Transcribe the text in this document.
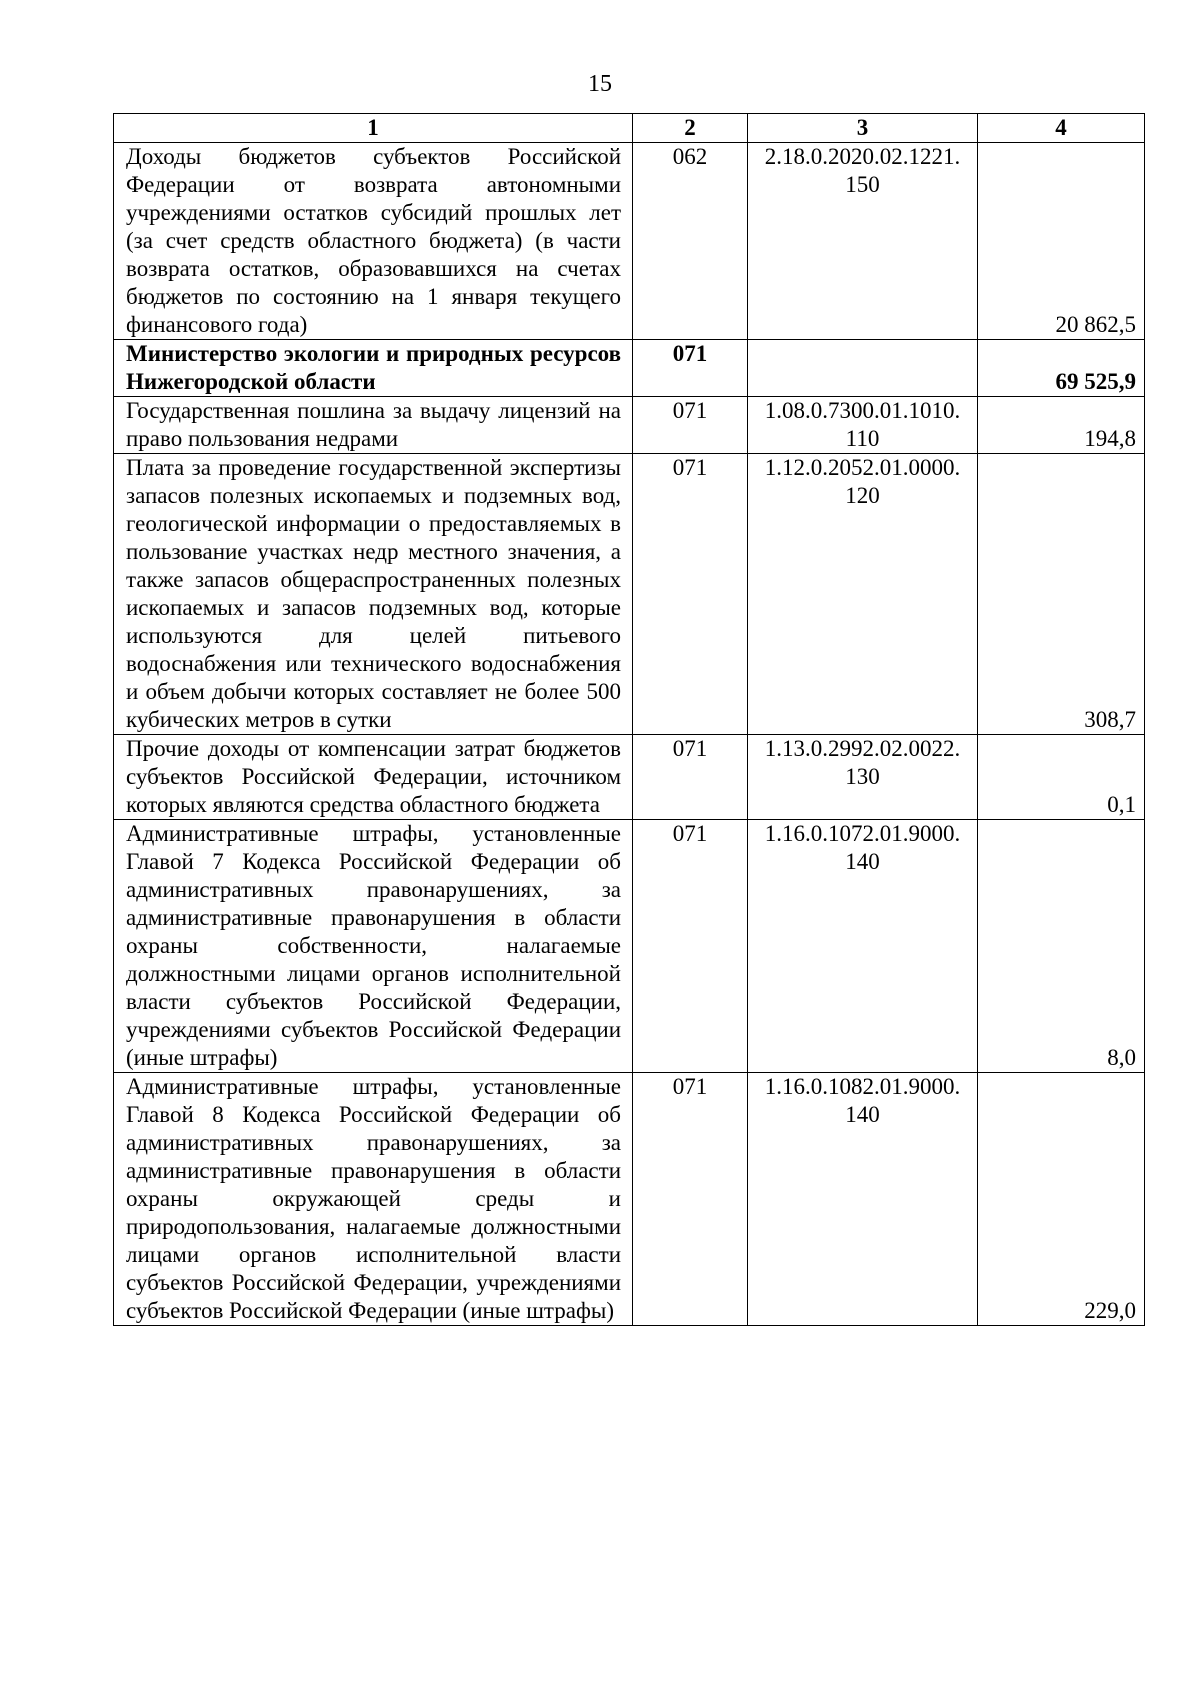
15
1	2	3	4
Доходы бюджетов субъектов Российской Федерации от возврата автономными учреждениями остатков субсидий прошлых лет (за счет средств областного бюджета) (в части возврата остатков, образовавшихся на счетах бюджетов по состоянию на 1 января текущего финансового года)	062	2.18.0.2020.02.1221. 150	20 862,5
Министерство экологии и природных ресурсов Нижегородской области	071		69 525,9
Государственная пошлина за выдачу лицензий на право пользования недрами	071	1.08.0.7300.01.1010. 110	194,8
Плата за проведение государственной экспертизы запасов полезных ископаемых и подземных вод, геологической информации о предоставляемых в пользование участках недр местного значения, а также запасов общераспространенных полезных ископаемых и запасов подземных вод, которые используются для целей питьевого водоснабжения или технического водоснабжения и объем добычи которых составляет не более 500 кубических метров в сутки	071	1.12.0.2052.01.0000. 120	308,7
Прочие доходы от компенсации затрат бюджетов субъектов Российской Федерации, источником которых являются средства областного бюджета	071	1.13.0.2992.02.0022. 130	0,1
Административные штрафы, установленные Главой 7 Кодекса Российской Федерации об административных правонарушениях, за административные правонарушения в области охраны собственности, налагаемые должностными лицами органов исполнительной власти субъектов Российской Федерации, учреждениями субъектов Российской Федерации (иные штрафы)	071	1.16.0.1072.01.9000. 140	8,0
Административные штрафы, установленные Главой 8 Кодекса Российской Федерации об административных правонарушениях, за административные правонарушения в области охраны окружающей среды и природопользования, налагаемые должностными лицами органов исполнительной власти субъектов Российской Федерации, учреждениями субъектов Российской Федерации (иные штрафы)	071	1.16.0.1082.01.9000. 140	229,0
